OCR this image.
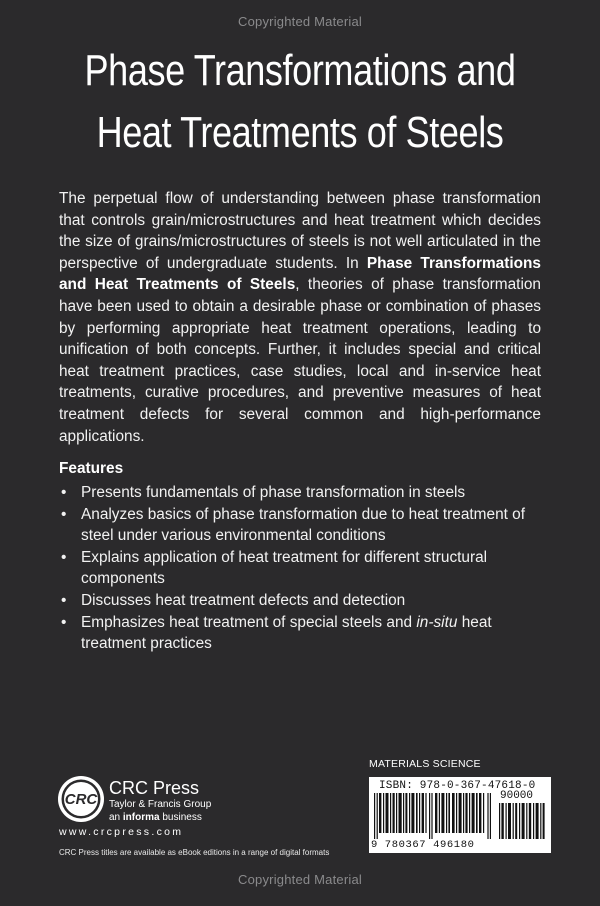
Copyrighted Material
Phase Transformations and
Heat Treatments of Steels
The perpetual flow of understanding between phase transformation that controls grain/microstructures and heat treatment which decides the size of grains/microstructures of steels is not well articulated in the perspective of undergraduate students. In Phase Transformations and Heat Treatments of Steels, theories of phase transformation have been used to obtain a desirable phase or combination of phases by performing appropriate heat treatment operations, leading to unification of both concepts. Further, it includes special and critical heat treatment practices, case studies, local and in-service heat treatments, curative procedures, and preventive measures of heat treatment defects for several common and high-performance applications.
Features
• Presents fundamentals of phase transformation in steels
• Analyzes basics of phase transformation due to heat treatment of steel under various environmental conditions
• Explains application of heat treatment for different structural components
• Discusses heat treatment defects and detection
• Emphasizes heat treatment of special steels and in-situ heat treatment practices
MATERIALS SCIENCE
ISBN: 978-0-367-47618-0
90000
9 780367 496180
CRC
CRC Press
Taylor & Francis Group
an informa business
www.crcpress.com
CRC Press titles are available as eBook editions in a range of digital formats
Copyrighted Material
